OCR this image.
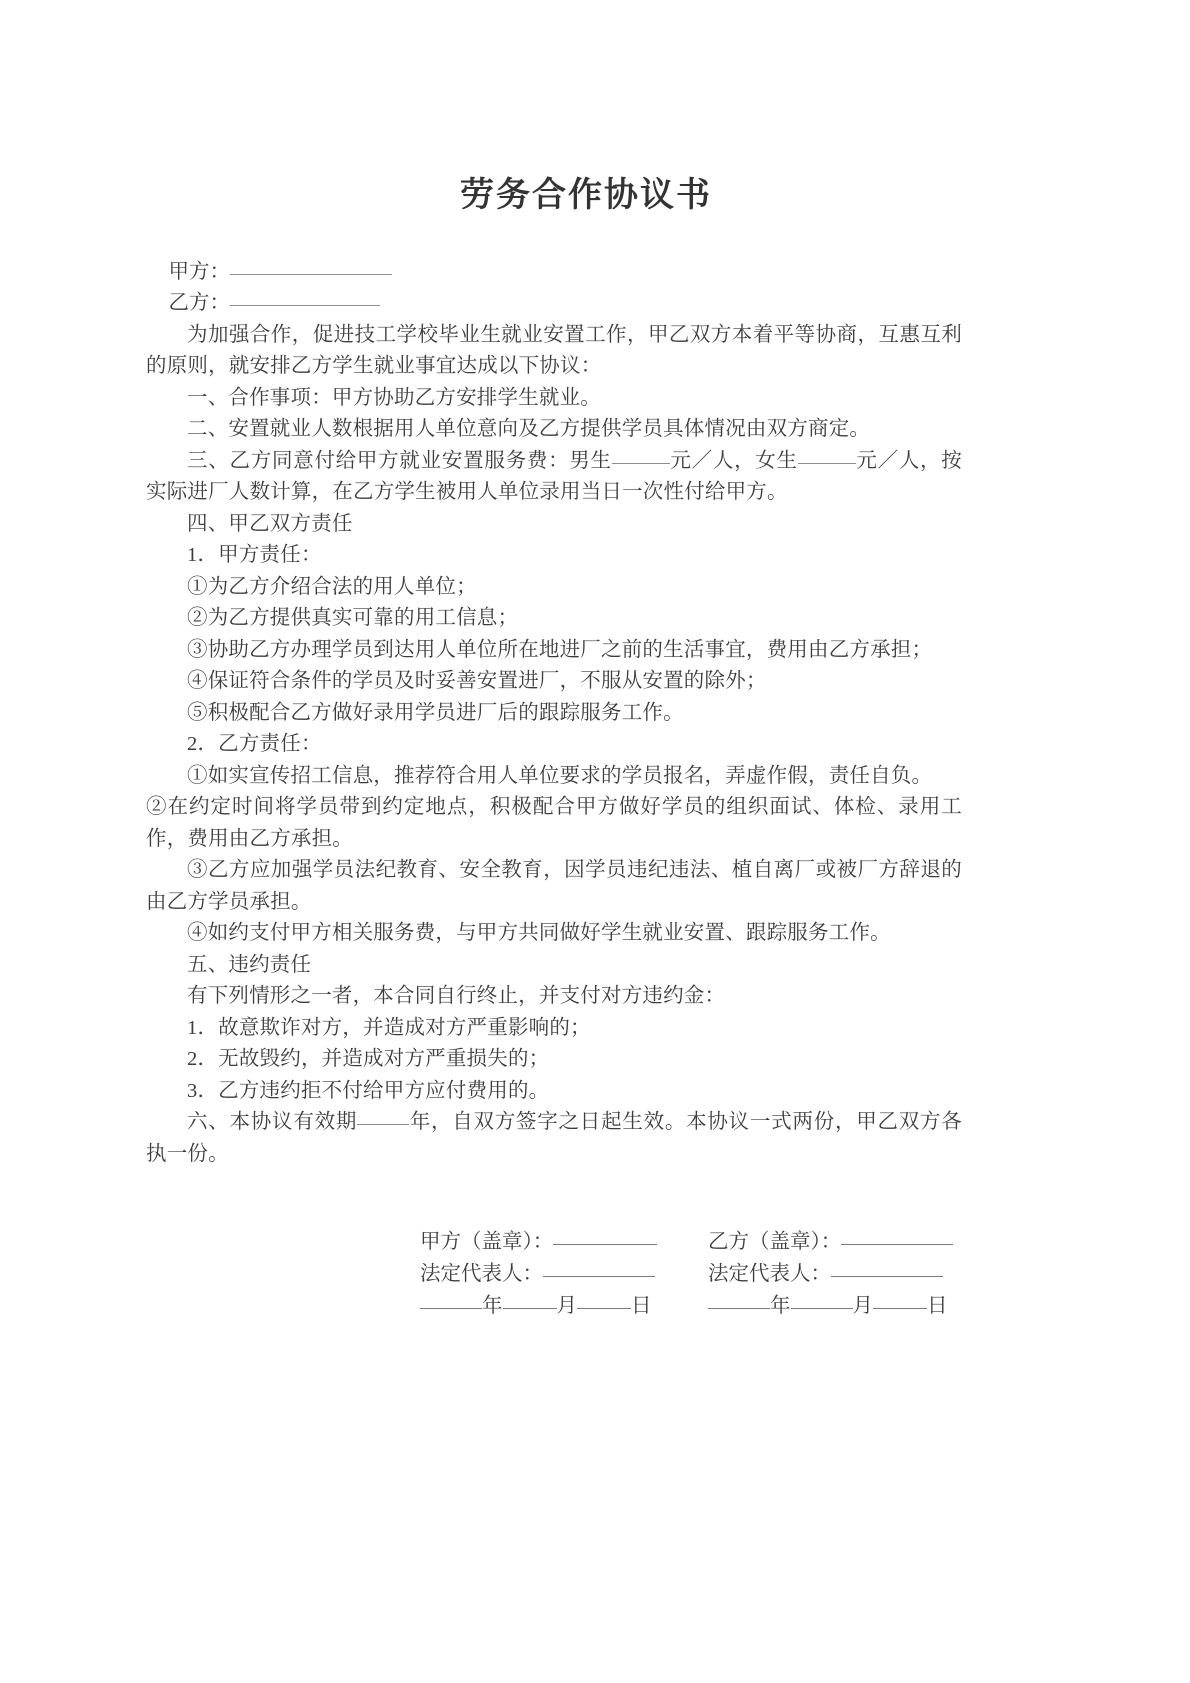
劳务合作协议书

甲方：

乙方：

为加强合作，促进技工学校毕业生就业安置工作，甲乙双方本着平等协商，互惠互利的原则，就安排乙方学生就业事宜达成以下协议：

一、合作事项：甲方协助乙方安排学生就业。

二、安置就业人数根据用人单位意向及乙方提供学员具体情况由双方商定。

三、乙方同意付给甲方就业安置服务费：男生	元／人，女生	元／人，按实际进厂人数计算，在乙方学生被用人单位录用当日一次性付给甲方。

四、甲乙双方责任

1．甲方责任：

①为乙方介绍合法的用人单位；

②为乙方提供真实可靠的用工信息；

③协助乙方办理学员到达用人单位所在地进厂之前的生活事宜，费用由乙方承担；

④保证符合条件的学员及时妥善安置进厂，不服从安置的除外；

⑤积极配合乙方做好录用学员进厂后的跟踪服务工作。

2．乙方责任：

①如实宣传招工信息，推荐符合用人单位要求的学员报名，弄虚作假，责任自负。

②在约定时间将学员带到约定地点，积极配合甲方做好学员的组织面试、体检、录用工作，费用由乙方承担。

③乙方应加强学员法纪教育、安全教育，因学员违纪违法、植自离厂或被厂方辞退的由乙方学员承担。

④如约支付甲方相关服务费，与甲方共同做好学生就业安置、跟踪服务工作。

五、违约责任

有下列情形之一者，本合同自行终止，并支付对方违约金：

1．故意欺诈对方，并造成对方严重影响的；

2．无故毁约，并造成对方严重损失的；

3．乙方违约拒不付给甲方应付费用的。

六、本协议有效期	年，自双方签字之日起生效。本协议一式两份，甲乙双方各执一份。

甲方（盖章）：	乙方（盖章）：
法定代表人：	法定代表人：
年	月	日	年	月	日
